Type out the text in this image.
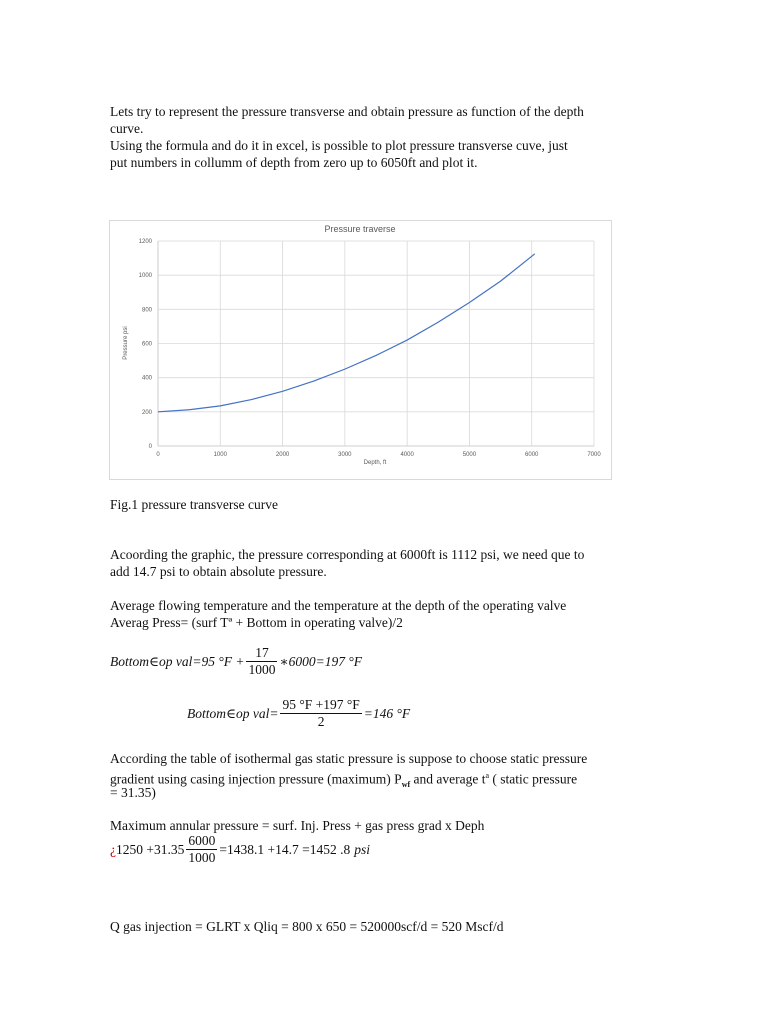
Lets try to represent the pressure transverse and obtain pressure as function of the depth
curve.
Using the formula and do it in excel, is possible to plot pressure transverse cuve, just
put numbers in collumm of depth from zero up to 6050ft and plot it.
Pressure traverse
0	1000	2000	3000	4000	5000	6000	7000
0
200
400
600
800
1000
1200
Depth, ft
Pressure psi
Fig.1 pressure transverse curve
Acoording the graphic, the pressure corresponding at 6000ft is 1112 psi, we need que to
add 14.7 psi to obtain absolute pressure.
Average flowing temperature and the temperature at the depth of the operating valve
Averag Press= (surf Tª + Bottom in operating valve)/2
Bottom∈op val =95 $^\circ F + \frac{17}{1000}$ ∗6000=197 °F
Bottom∈op val = $\frac{95 ^\circ F +197 ^\circ F}{2} =146$ °F
According the table of isothermal gas static pressure is suppose to choose static pressure
gradient using casing injection pressure (maximum) $P_{wf}$ and average $t^a$ ( static pressure
= 31.35)
Maximum annular pressure = surf. Inj. Press + gas press grad x Deph
¿ $1250 +31.35 \frac{6000}{1000} =1438.1 +14.7 =1452$ .8 psi
Q gas injection = GLRT x Qliq = 800 x 650 = 520000scf/d = 520 Mscf/d
